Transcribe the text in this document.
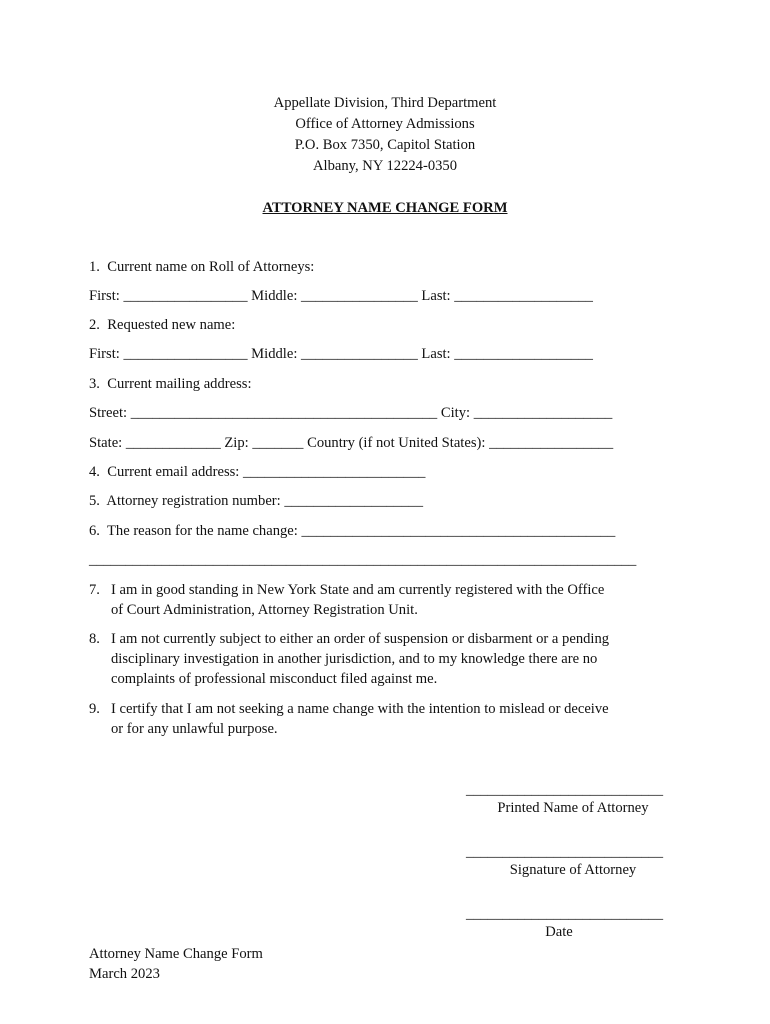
Appellate Division, Third Department
Office of Attorney Admissions
P.O. Box 7350, Capitol Station
Albany, NY 12224-0350
ATTORNEY NAME CHANGE FORM
1.  Current name on Roll of Attorneys:
First: _________________ Middle: ________________ Last: ___________________
2.  Requested new name:
First: _________________ Middle: ________________ Last: ___________________
3.  Current mailing address:
Street: __________________________________________ City: ___________________
State: _____________ Zip: _______ Country (if not United States): _________________
4.  Current email address: _________________________
5.  Attorney registration number: ___________________
6.  The reason for the name change: ___________________________________________
___________________________________________________________________________
7. I am in good standing in New York State and am currently registered with the Office
of Court Administration, Attorney Registration Unit.
8. I am not currently subject to either an order of suspension or disbarment or a pending
disciplinary investigation in another jurisdiction, and to my knowledge there are no
complaints of professional misconduct filed against me.
9. I certify that I am not seeking a name change with the intention to mislead or deceive
or for any unlawful purpose.
___________________________
Printed Name of Attorney
___________________________
Signature of Attorney
___________________________
Date
Attorney Name Change Form
March 2023
